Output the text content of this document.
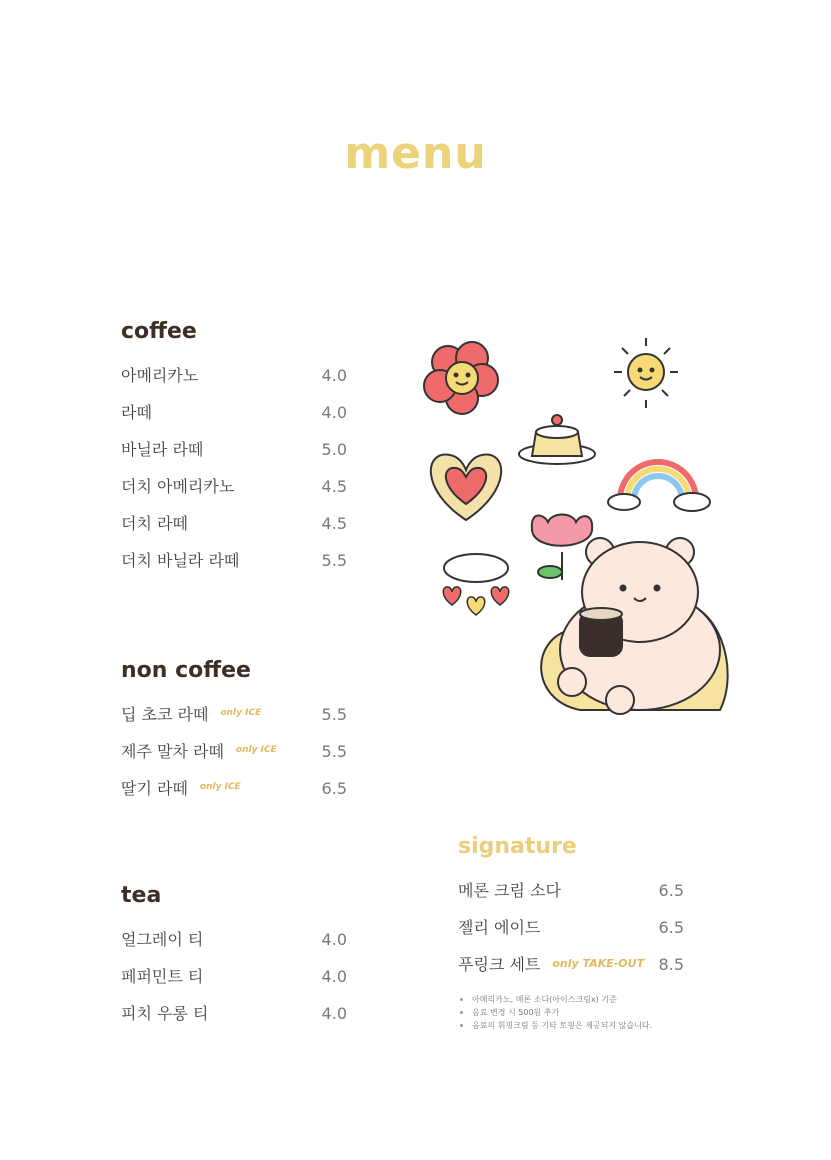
menu
coffee
아메리카노	4.0
라떼	4.0
바닐라 라떼	5.0
더치 아메리카노	4.5
더치 라떼	4.5
더치 바닐라 라떼	5.5
non coffee
딥 초코 라떼 only ICE	5.5
제주 말차 라떼 only ICE	5.5
딸기 라떼 only ICE	6.5
tea
얼그레이 티	4.0
페퍼민트 티	4.0
피치 우롱 티	4.0
signature
메론 크림 소다	6.5
젤리 에이드	6.5
푸링크 세트 only TAKE-OUT 8.5
아메리카노, 메론 소다(아이스크림x) 기준
음료 변경 시 500원 추가
음료의 휘핑크림 등 기타 토핑은 제공되지 않습니다.
